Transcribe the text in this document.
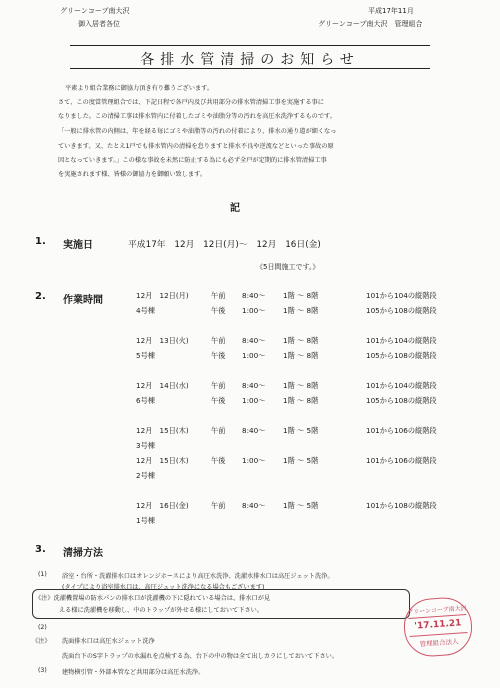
グリーンコープ南大沢
御入居者各位
平成17年11月
グリーンコープ南大沢　管理組合
各排水管清掃のお知らせ
平素より組合業務に御協力頂き有り難うございます。
さて、この度當管理組合では、下記日程で各戸内及び共用部分の排水管清掃工事を実施する事に
なりました。この清掃工事は排水管内に付着したゴミや油脂分等の汚れを高圧水洗浄するものです。
「一般に排水管の内側は、年を経る毎にゴミや油脂等の汚れの付着により、排水の通り道が細くなっ
ていきます。又、たとえ1戸でも排水管内の清掃を怠りますと排水不良や逆流などといった事故の原
因となっていきます。」この様な事故を未然に防止する為にも必ず全戸が定期的に排水管清掃工事
を実施されます様、皆様の御協力を御願い致します。
記
1. 実施日	平成17年　12月　12日(月)～　12月　16日(金)
《5日間施工です。》
2. 作業時間	12月　12日(月)	午前 8:40～ 1階 ～ 8階	101から104の縦階段
4号棟	午後 1:00～ 1階 ～ 8階	105から108の縦階段
12月　13日(火)	午前 8:40～ 1階 ～ 8階	101から104の縦階段
5号棟	午後 1:00～ 1階 ～ 8階	105から108の縦階段
12月　14日(水)	午前 8:40～ 1階 ～ 8階	101から104の縦階段
6号棟	午後 1:00～ 1階 ～ 8階	105から108の縦階段
12月　15日(木)	午前 8:40～ 1階 ～ 5階	101から106の縦階段
3号棟
12月　15日(木)	午後 1:00～ 1階 ～ 5階	101から106の縦階段
2号棟
12月　16日(金)	午前 8:40～ 1階 ～ 5階	101から108の縦階段
1号棟
3. 清掃方法
(1) 浴室・台所・洗濯排水口はオレンジホースにより高圧水洗浄、洗濯水排水口は高圧ジェット洗浄。
(タイプにより浴室排水口は、高圧ジェット洗浄になる場合もございます)
《注》洗濯機置場の防水パンの排水口が洗濯機の下に隠れている場合は、排水口が見
える様に洗濯機を移動し、中のトラップが外せる様にしておいて下さい。
(2)
《注》 洗面排水口は高圧水ジェット洗浄
洗面台下のS字トラップの水漏れを点検する為、台下の中の物は全て出しカラにしておいて下さい。
(3) 建物横引管・外部本管など共用部分は高圧水洗浄。
グリーンコープ南大沢
'17.11.21
管理組合法人
